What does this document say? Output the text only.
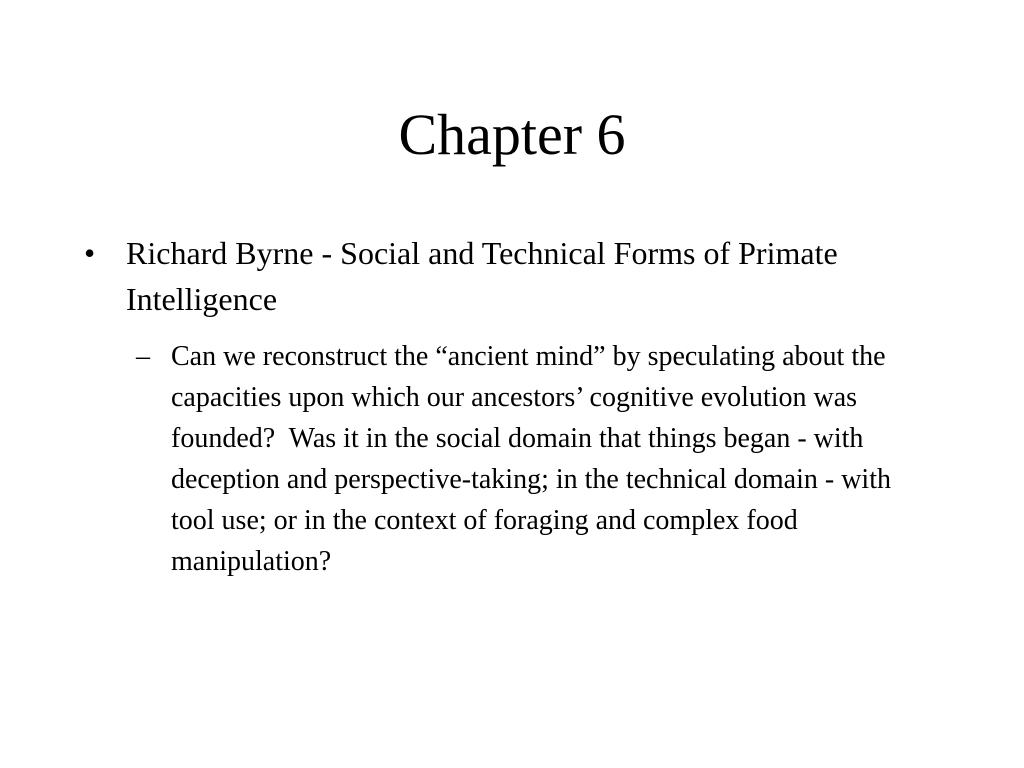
Chapter 6
• Richard Byrne - Social and Technical Forms of Primate Intelligence
– Can we reconstruct the “ancient mind” by speculating about the capacities upon which our ancestors’ cognitive evolution was founded?  Was it in the social domain that things began - with deception and perspective-taking; in the technical domain - with tool use; or in the context of foraging and complex food manipulation?
